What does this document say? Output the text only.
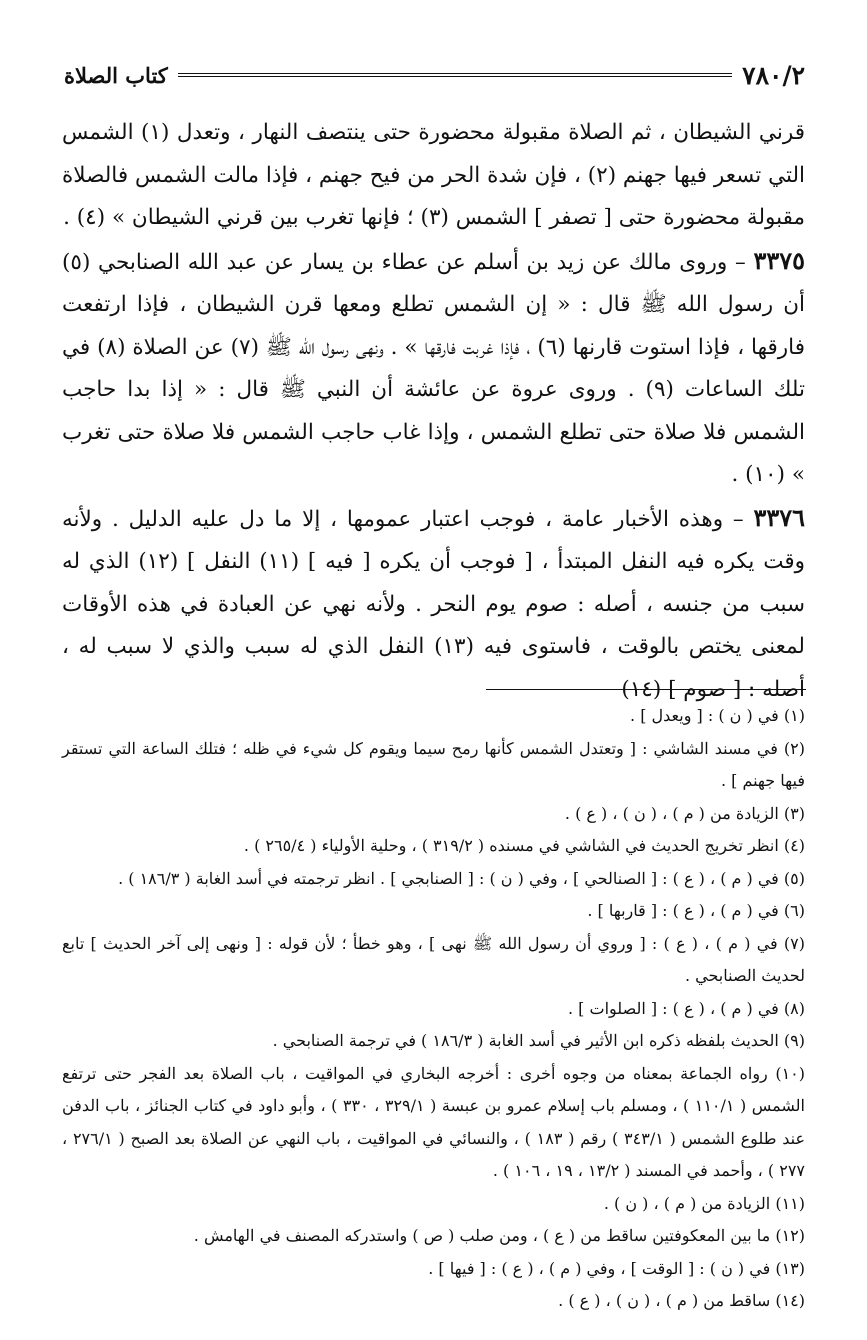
٧٨٠/٢
كتاب الصلاة

قرني الشيطان ، ثم الصلاة مقبولة محضورة حتى ينتصف النهار ، وتعدل (١) الشمس التي تسعر فيها جهنم (٢) ، فإن شدة الحر من فيح جهنم ، فإذا مالت الشمس فالصلاة مقبولة محضورة حتى [ تصفر ] الشمس (٣) ؛ فإنها تغرب بين قرني الشيطان » (٤) .

٣٣٧٥ – وروى مالك عن زيد بن أسلم عن عطاء بن يسار عن عبد الله الصنابحي (٥) أن رسول الله ﷺ قال : « إن الشمس تطلع ومعها قرن الشيطان ، فإذا ارتفعت فارقها ، فإذا استوت قارنها (٦) ، فإذا غربت فارقها » . ونهى رسول الله ﷺ (٧) عن الصلاة (٨) في تلك الساعات (٩) . وروى عروة عن عائشة أن النبي ﷺ قال : « إذا بدا حاجب الشمس فلا صلاة حتى تطلع الشمس ، وإذا غاب حاجب الشمس فلا صلاة حتى تغرب » (١٠) .

٣٣٧٦ – وهذه الأخبار عامة ، فوجب اعتبار عمومها ، إلا ما دل عليه الدليل . ولأنه وقت يكره فيه النفل المبتدأ ، [ فوجب أن يكره [ فيه ] (١١) النفل ] (١٢) الذي له سبب من جنسه ، أصله : صوم يوم النحر . ولأنه نهي عن العبادة في هذه الأوقات لمعنى يختص بالوقت ، فاستوى فيه (١٣) النفل الذي له سبب والذي لا سبب له ، أصله : [ صوم ] (١٤)

(١) في ( ن ) : [ ويعدل ] .

(٢) في مسند الشاشي : [ وتعتدل الشمس كأنها رمح سيما ويقوم كل شيء في ظله ؛ فتلك الساعة التي تستقر فيها جهنم ] .

(٣) الزيادة من ( م ) ، ( ن ) ، ( ع ) .

(٤) انظر تخريج الحديث في الشاشي في مسنده ( ٣١٩/٢ ) ، وحلية الأولياء ( ٢٦٥/٤ ) .

(٥) في ( م ) ، ( ع ) : [ الصنالحي ] ، وفي ( ن ) : [ الصنابجي ] . انظر ترجمته في أسد الغابة ( ١٨٦/٣ ) .

(٦) في ( م ) ، ( ع ) : [ قاربها ] .

(٧) في ( م ) ، ( ع ) : [ وروي أن رسول الله ﷺ نهى ] ، وهو خطأ ؛ لأن قوله : [ ونهى إلى آخر الحديث ] تابع لحديث الصنابحي .

(٨) في ( م ) ، ( ع ) : [ الصلوات ] .

(٩) الحديث بلفظه ذكره ابن الأثير في أسد الغابة ( ١٨٦/٣ ) في ترجمة الصنابحي .

(١٠) رواه الجماعة بمعناه من وجوه أخرى : أخرجه البخاري في المواقيت ، باب الصلاة بعد الفجر حتى ترتفع الشمس ( ١١٠/١ ) ، ومسلم باب إسلام عمرو بن عبسة ( ٣٢٩/١ ، ٣٣٠ ) ، وأبو داود في كتاب الجنائز ، باب الدفن عند طلوع الشمس ( ٣٤٣/١ ) رقم ( ١٨٣ ) ، والنسائي في المواقيت ، باب النهي عن الصلاة بعد الصبح ( ٢٧٦/١ ، ٢٧٧ ) ، وأحمد في المسند ( ١٣/٢ ، ١٩ ، ١٠٦ ) .

(١١) الزيادة من ( م ) ، ( ن ) .

(١٢) ما بين المعكوفتين ساقط من ( ع ) ، ومن صلب ( ص ) واستدركه المصنف في الهامش .

(١٣) في ( ن ) : [ الوقت ] ، وفي ( م ) ، ( ع ) : [ فيها ] .

(١٤) ساقط من ( م ) ، ( ن ) ، ( ع ) .
